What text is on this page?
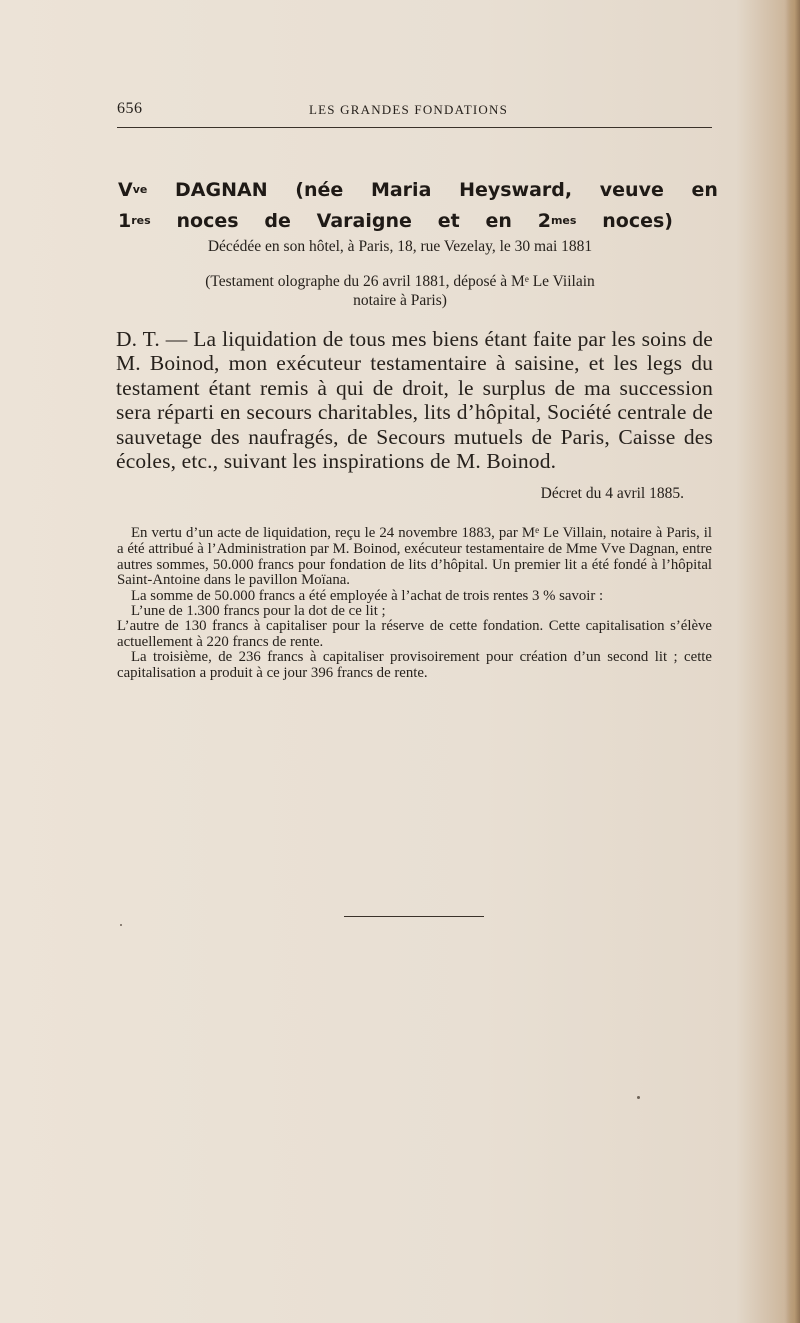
656	LES GRANDES FONDATIONS
$V^{ve}$ DAGNAN (née Maria Heysward, veuve en
1res noces de Varaigne et en $2^{mes}$ noces)
Décédée en son hôtel, à Paris, 18, rue Vezelay, le 30 mai 1881
(Testament olographe du 26 avril 1881, déposé à Me Le Viilain
notaire à Paris)
D. T. — La liquidation de tous mes biens étant faite par les soins de M. Boinod, mon exécuteur testamentaire à saisine, et les legs du testament étant remis à qui de droit, le surplus de ma succession sera réparti en secours charitables, lits d’hôpital, Société centrale de sauvetage des naufragés, de Secours mutuels de Paris, Caisse des écoles, etc., suivant les inspirations de M. Boinod.
Décret du 4 avril 1885.

En vertu d’un acte de liquidation, reçu le 24 novembre 1883, par Me Le Villain, notaire à Paris, il a été attribué à l’Administration par M. Boinod, exécuteur testamentaire de Mme Vve Dagnan, entre autres sommes, 50.000 francs pour fondation de lits d’hôpital. Un premier lit a été fondé à l’hôpital Saint-Antoine dans le pavillon Moïana.

La somme de 50.000 francs a été employée à l’achat de trois rentes 3 % savoir :

L’une de 1.300 francs pour la dot de ce lit ;

L’autre de 130 francs à capitaliser pour la réserve de cette fondation. Cette capitalisation s’élève actuellement à 220 francs de rente.

La troisième, de 236 francs à capitaliser provisoirement pour création d’un second lit ; cette capitalisation a produit à ce jour 396 francs de rente.
